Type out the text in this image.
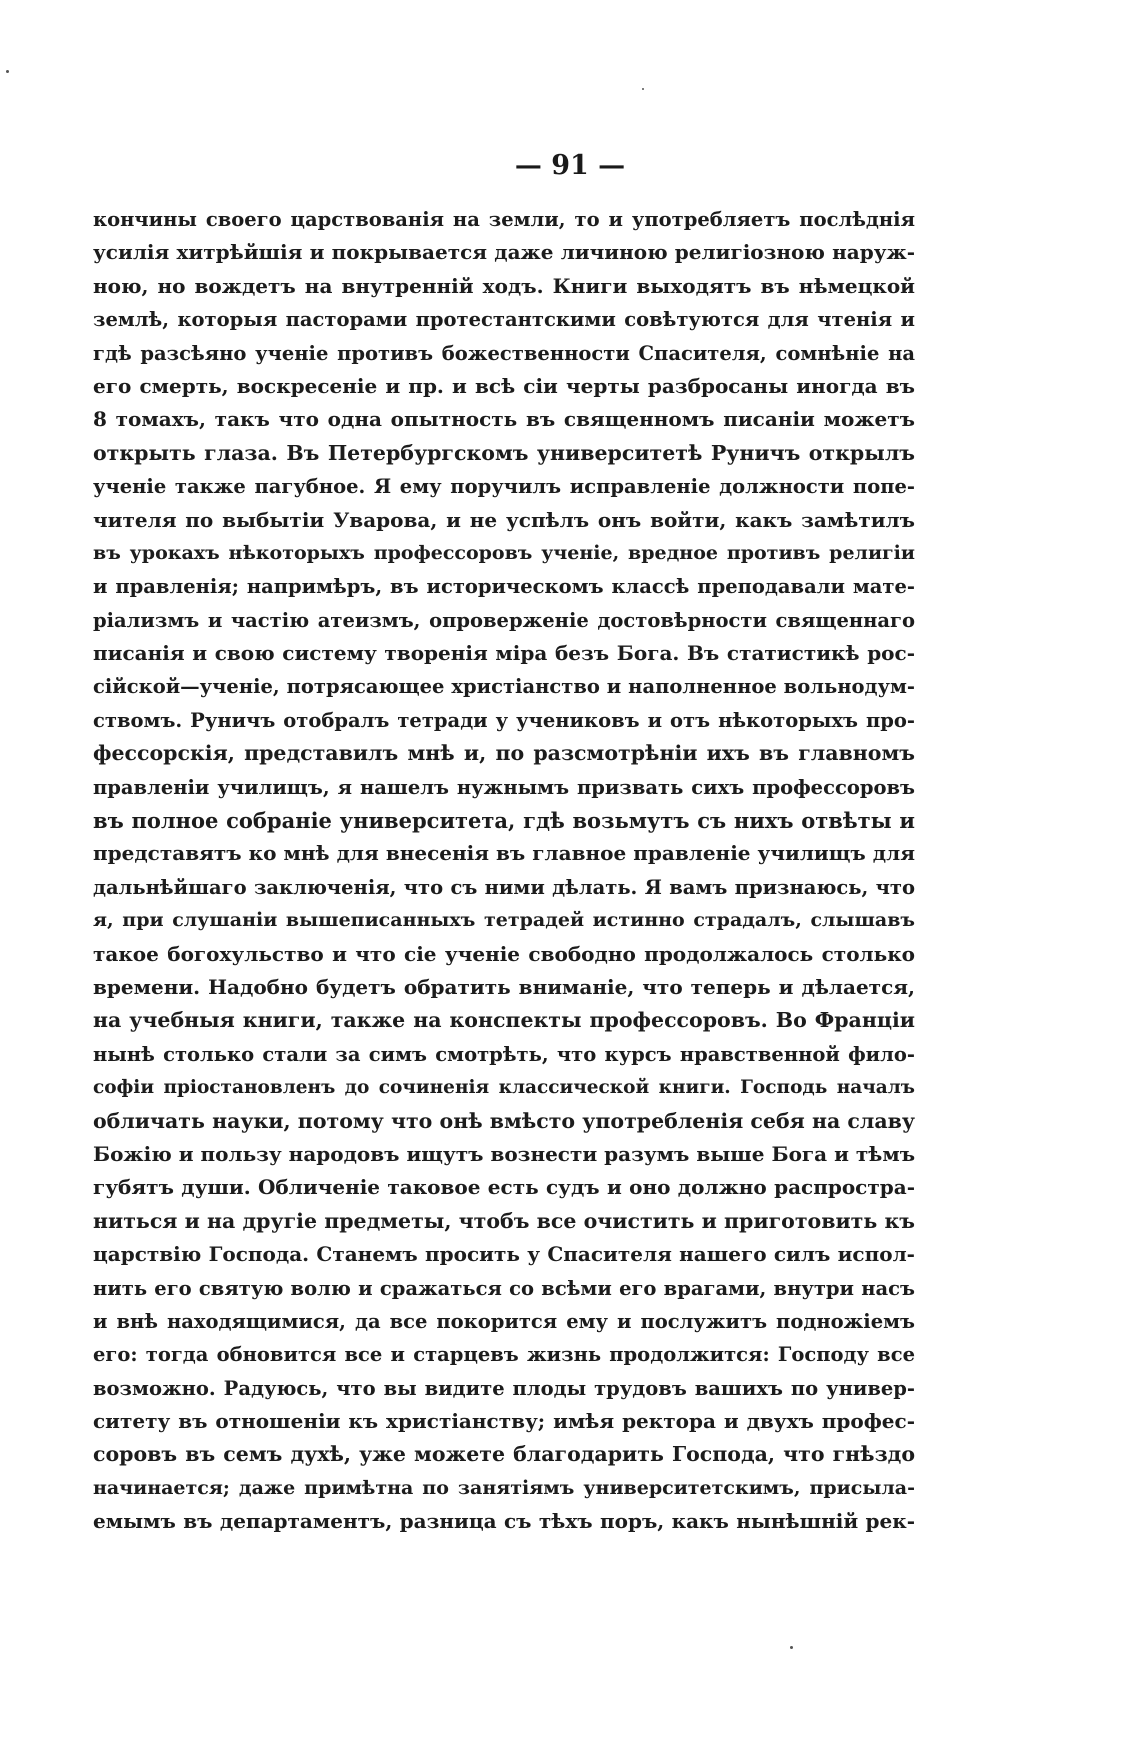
— 91 —
кончины своего царствованія на земли, то и употребляетъ послѣднія
усилія хитрѣйшія и покрывается даже личиною религіозною наруж-
ною, но вождетъ на внутренній ходъ. Книги выходятъ въ нѣмецкой
землѣ, которыя пасторами протестантскими совѣтуются для чтенія и
гдѣ разсѣяно ученіе противъ божественности Спасителя, сомнѣніе на
его смерть, воскресеніе и пр. и всѣ сіи черты разбросаны иногда въ
8 томахъ, такъ что одна опытность въ священномъ писаніи можетъ
открыть глаза. Въ Петербургскомъ университетѣ Руничъ открылъ
ученіе также пагубное. Я ему поручилъ исправленіе должности попе-
чителя по выбытіи Уварова, и не успѣлъ онъ войти, какъ замѣтилъ
въ урокахъ нѣкоторыхъ профессоровъ ученіе, вредное противъ религіи
и правленія; напримѣръ, въ историческомъ классѣ преподавали мате-
ріализмъ и частію атеизмъ, опроверженіе достовѣрности священнаго
писанія и свою систему творенія міра безъ Бога. Въ статистикѣ рос-
сійской—ученіе, потрясающее христіанство и наполненное вольнодум-
ствомъ. Руничъ отобралъ тетради у учениковъ и отъ нѣкоторыхъ про-
фессорскія, представилъ мнѣ и, по разсмотрѣніи ихъ въ главномъ
правленіи училищъ, я нашелъ нужнымъ призвать сихъ профессоровъ
въ полное собраніе университета, гдѣ возьмутъ съ нихъ отвѣты и
представятъ ко мнѣ для внесенія въ главное правленіе училищъ для
дальнѣйшаго заключенія, что съ ними дѣлать. Я вамъ признаюсь, что
я, при слушаніи вышеписанныхъ тетрадей истинно страдалъ, слышавъ
такое богохульство и что сіе ученіе свободно продолжалось столько
времени. Надобно будетъ обратить вниманіе, что теперь и дѣлается,
на учебныя книги, также на конспекты профессоровъ. Во Франціи
нынѣ столько стали за симъ смотрѣть, что курсъ нравственной фило-
софіи пріостановленъ до сочиненія классической книги. Господь началъ
обличать науки, потому что онѣ вмѣсто употребленія себя на славу
Божію и пользу народовъ ищутъ вознести разумъ выше Бога и тѣмъ
губятъ души. Обличеніе таковое есть судъ и оно должно распростра-
ниться и на другіе предметы, чтобъ все очистить и приготовить къ
царствію Господа. Станемъ просить у Спасителя нашего силъ испол-
нить его святую волю и сражаться со всѣми его врагами, внутри насъ
и внѣ находящимися, да все покорится ему и послужитъ подножіемъ
его: тогда обновится все и старцевъ жизнь продолжится: Господу все
возможно. Радуюсь, что вы видите плоды трудовъ вашихъ по универ-
ситету въ отношеніи къ христіанству; имѣя ректора и двухъ профес-
соровъ въ семъ духѣ, уже можете благодарить Господа, что гнѣздо
начинается; даже примѣтна по занятіямъ университетскимъ, присыла-
емымъ въ департаментъ, разница съ тѣхъ поръ, какъ нынѣшній рек-
